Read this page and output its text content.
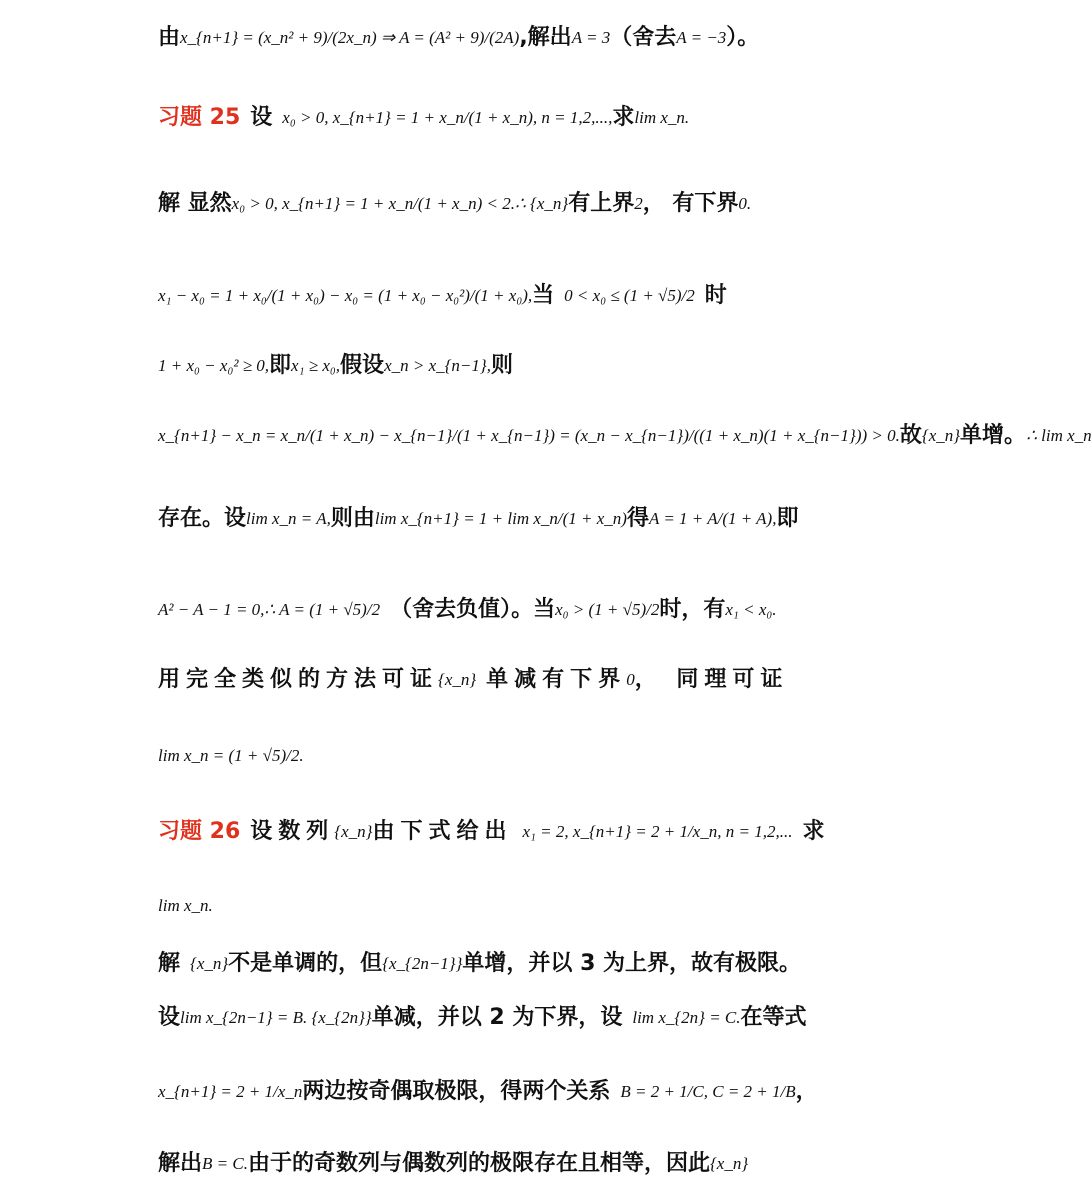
由 x_{n+1} = (x_n² + 9)/(2x_n) ⇒ A = (A² + 9)/(2A) ,解出 A = 3 （舍去 A = −3 ）。
习题 25 设 x₀ > 0, x_{n+1} = 1 + x_n/(1 + x_n), n = 1,2,..., 求 lim x_n.
解 显然 x₀ > 0, x_{n+1} = 1 + x_n/(1 + x_n) < 2.∴ {x_n} 有上界 2 ， 有下界 0.
x₁ − x₀ = 1 + x₀/(1 + x₀) − x₀ = (1 + x₀ − x₀²)/(1 + x₀), 当 0 < x₀ ≤ (1 + √5)/2 时
1 + x₀ − x₀² ≥ 0, 即 x₁ ≥ x₀, 假设 x_n > x_{n−1}, 则
x_{n+1} − x_n = x_n/(1 + x_n) − x_{n−1}/(1 + x_{n−1}) = (x_n − x_{n−1})/((1 + x_n)(1 + x_{n−1})) > 0. 故 {x_n} 单增。 ∴ lim x_n
存在。设 lim x_n = A, 则由 lim x_{n+1} = 1 + lim x_n/(1 + x_n) 得 A = 1 + A/(1 + A), 即
A² − A − 1 = 0,∴ A = (1 + √5)/2 （舍去负值）。当 x₀ > (1 + √5)/2 时，有 x₁ < x₀.
用完全类似的方法可证 {x_n} 单减有下界 0 ， 同理可证
lim x_n = (1 + √5)/2.
习题 26 设数列 {x_n} 由下式给出 x₁ = 2, x_{n+1} = 2 + 1/x_n, n = 1,2,... 求
lim x_n.
解 {x_n} 不是单调的，但 {x_{2n−1}} 单增，并以 3 为上界，故有极限。
设 lim x_{2n−1} = B. {x_{2n}} 单减，并以 2 为下界，设 lim x_{2n} = C. 在等式
x_{n+1} = 2 + 1/x_n 两边按奇偶取极限，得两个关系 B = 2 + 1/C, C = 2 + 1/B ，
解出 B = C. 由于的奇数列与偶数列的极限存在且相等，因此 {x_n}
